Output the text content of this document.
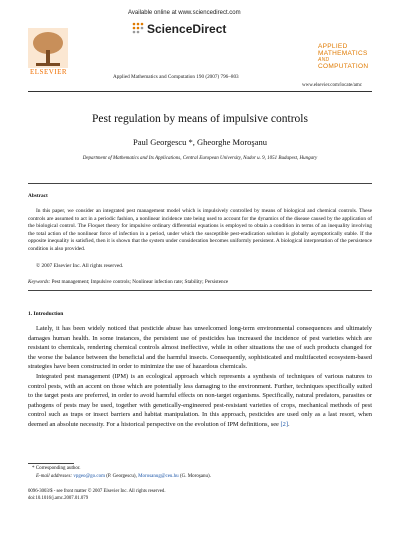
Available online at www.sciencedirect.com
ScienceDirect
ELSEVIER
Applied Mathematics and Computation 190 (2007) 796–803
APPLIED
MATHEMATICS
AND
COMPUTATION
www.elsevier.com/locate/amc
Pest regulation by means of impulsive controls
Paul Georgescu *, Gheorghe Moroşanu
Department of Mathematics and Its Applications, Central European University, Nador u. 9, 1051 Budapest, Hungary
Abstract
In this paper, we consider an integrated pest management model which is impulsively controlled by means of biological and chemical controls. These controls are assumed to act in a periodic fashion, a nonlinear incidence rate being used to account for the dynamics of the disease caused by the application of the biological control. The Floquet theory for impulsive ordinary differential equations is employed to obtain a condition in terms of an inequality involving the total action of the nonlinear force of infection in a period, under which the susceptible pest-eradication solution is globally asymptotically stable. If the opposite inequality is satisfied, then it is shown that the system under consideration becomes uniformly persistent. A biological interpretation of the persistence condition is also provided.
© 2007 Elsevier Inc. All rights reserved.
Keywords: Pest management; Impulsive controls; Nonlinear infection rate; Stability; Persistence
1. Introduction

Lately, it has been widely noticed that pesticide abuse has unwelcomed long-term environmental consequences and ultimately damages human health. In some instances, the persistent use of pesticides has increased the incidence of pest varieties which are resistant to chemicals, rendering chemical controls almost ineffective, while in other situations the use of such products changed for the worse the balance between the beneficial and the harmful insects. Consequently, sophisticated and multifaceted ecosystem-based strategies have been constructed in order to minimize the use of hazardous chemicals.

Integrated pest management (IPM) is an ecological approach which represents a synthesis of techniques of various natures to control pests, with an accent on those which are potentially less damaging to the environment. Further, techniques specifically suited to the target pests are preferred, in order to avoid harmful effects on non-target organisms. Specifically, natural predators, parasites or pathogens of pests may be used, together with genetically-engineered pest-resistant varieties of crops, mechanical methods of pest control such as traps or insect barriers and habitat manipulation. In this approach, pesticides are used only as a last resort, when deemed an absolute necessity. For a historical perspective on the evolution of IPM definitions, see [2].

* Corresponding author.
E-mail addresses: vpgeo@go.com (P. Georgescu), Morosanug@ceu.hu (G. Moroşanu).
0096-3003/$ - see front matter © 2007 Elsevier Inc. All rights reserved.
doi:10.1016/j.amc.2007.01.079
